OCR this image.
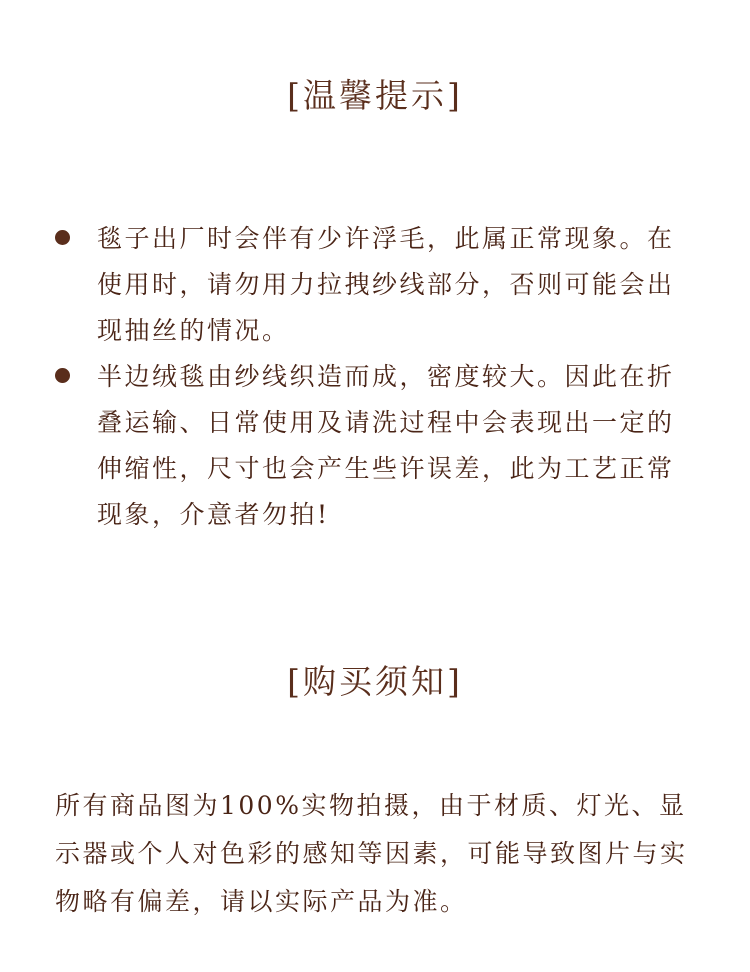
[温馨提示]
毯子出厂时会伴有少许浮毛，此属正常现象。在使用时，请勿用力拉拽纱线部分，否则可能会出现抽丝的情况。
半边绒毯由纱线织造而成，密度较大。因此在折叠运输、日常使用及请洗过程中会表现出一定的伸缩性，尺寸也会产生些许误差，此为工艺正常现象，介意者勿拍!
[购买须知]

所有商品图为100%实物拍摄，由于材质、灯光、显示器或个人对色彩的感知等因素，可能导致图片与实物略有偏差，请以实际产品为准。
